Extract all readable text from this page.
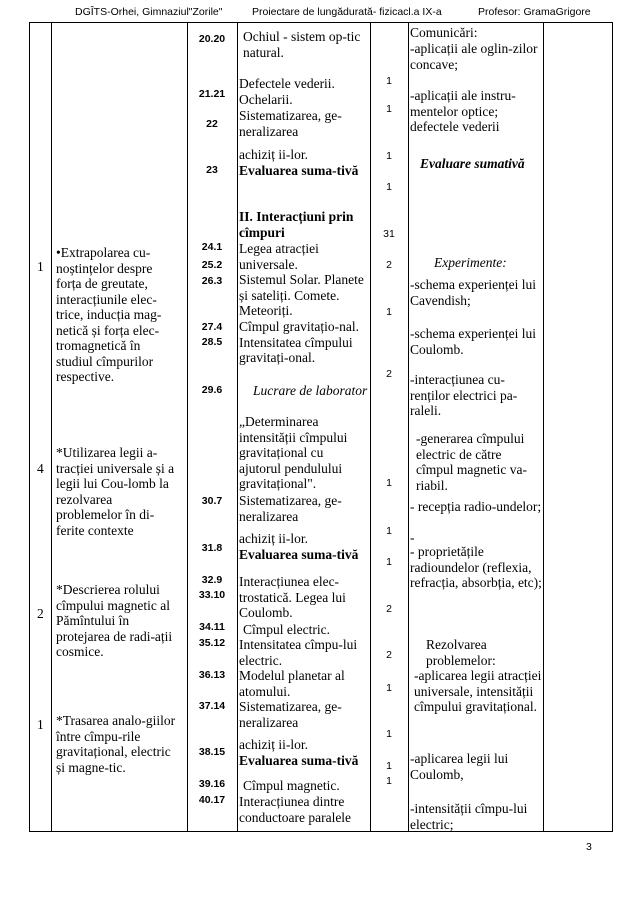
DGÎTS-Orhei, Gimnaziul"Zorile"	Proiectare de lungădurată- fizicacl.a IX-a	Profesor: GramaGrigore
1
4
2
1
•Extrapolarea cu-noștințelor despre forța de greutate, interacțiunile elec-trice, inducția mag-netică și forța elec-tromagnetică în studiul cîmpurilor respective.
*Utilizarea legii a-tracției universale și a legii lui Cou-lomb la rezolvarea problemelor în di-ferite contexte
*Descrierea rolului cîmpului magnetic al Pămîntului în protejarea de radi-ații cosmice.
*Trasarea analo-giilor între cîmpu-rile gravitațional, electric și magne-tic.
20.20
21.21
22
23
24.1
25.2
26.3
27.4
28.5
29.6
30.7
31.8
32.9
33.10
34.11
35.12
36.13
37.14
38.15
39.16
40.17
Ochiul - sistem op-tic natural.
Defectele vederii. Ochelarii.
Sistematizarea, ge-neralizarea
achiziț ii-lor.
Evaluarea suma-tivă
II. Interacțiuni prin cîmpuri
Legea atracției universale.
Sistemul Solar. Planete și sateliți. Comete. Meteoriți.
Cîmpul gravitațio-nal. Intensitatea cîmpului gravitați-onal.
Lucrare de laborator
„Determinarea intensității cîmpului gravitațional cu ajutorul pendulului gravitațional".
Sistematizarea, ge-neralizarea
achiziț ii-lor.
Evaluarea suma-tivă
Interacțiunea elec-trostatică. Legea lui Coulomb.
Cîmpul electric.
Intensitatea cîmpu-lui electric.
Modelul planetar al atomului.
Sistematizarea, ge-neralizarea
achiziț ii-lor.
Evaluarea suma-tivă
Cîmpul magnetic.
Interacțiunea dintre conductoare paralele
1
1
1
1
31
2
1
2
1
1
1
2
2
1
1
1
1
Comunicări:
-aplicații ale oglin-zilor concave;
-aplicații ale instru-mentelor optice; defectele vederii
Evaluare sumativă
Experimente:
-schema experienței lui Cavendish;
-schema experienței lui Coulomb.
-interacțiunea cu-renților electrici pa-raleli.
-generarea cîmpului electric de către cîmpul magnetic va-riabil.
- recepția radio-undelor;
-
- proprietățile radioundelor (reflexia, refracția, absorbția, etc);
Rezolvarea problemelor:
-aplicarea legii atracției universale, intensității cîmpului gravitațional.
-aplicarea legii lui Coulomb,
-intensității cîmpu-lui electric;
3
